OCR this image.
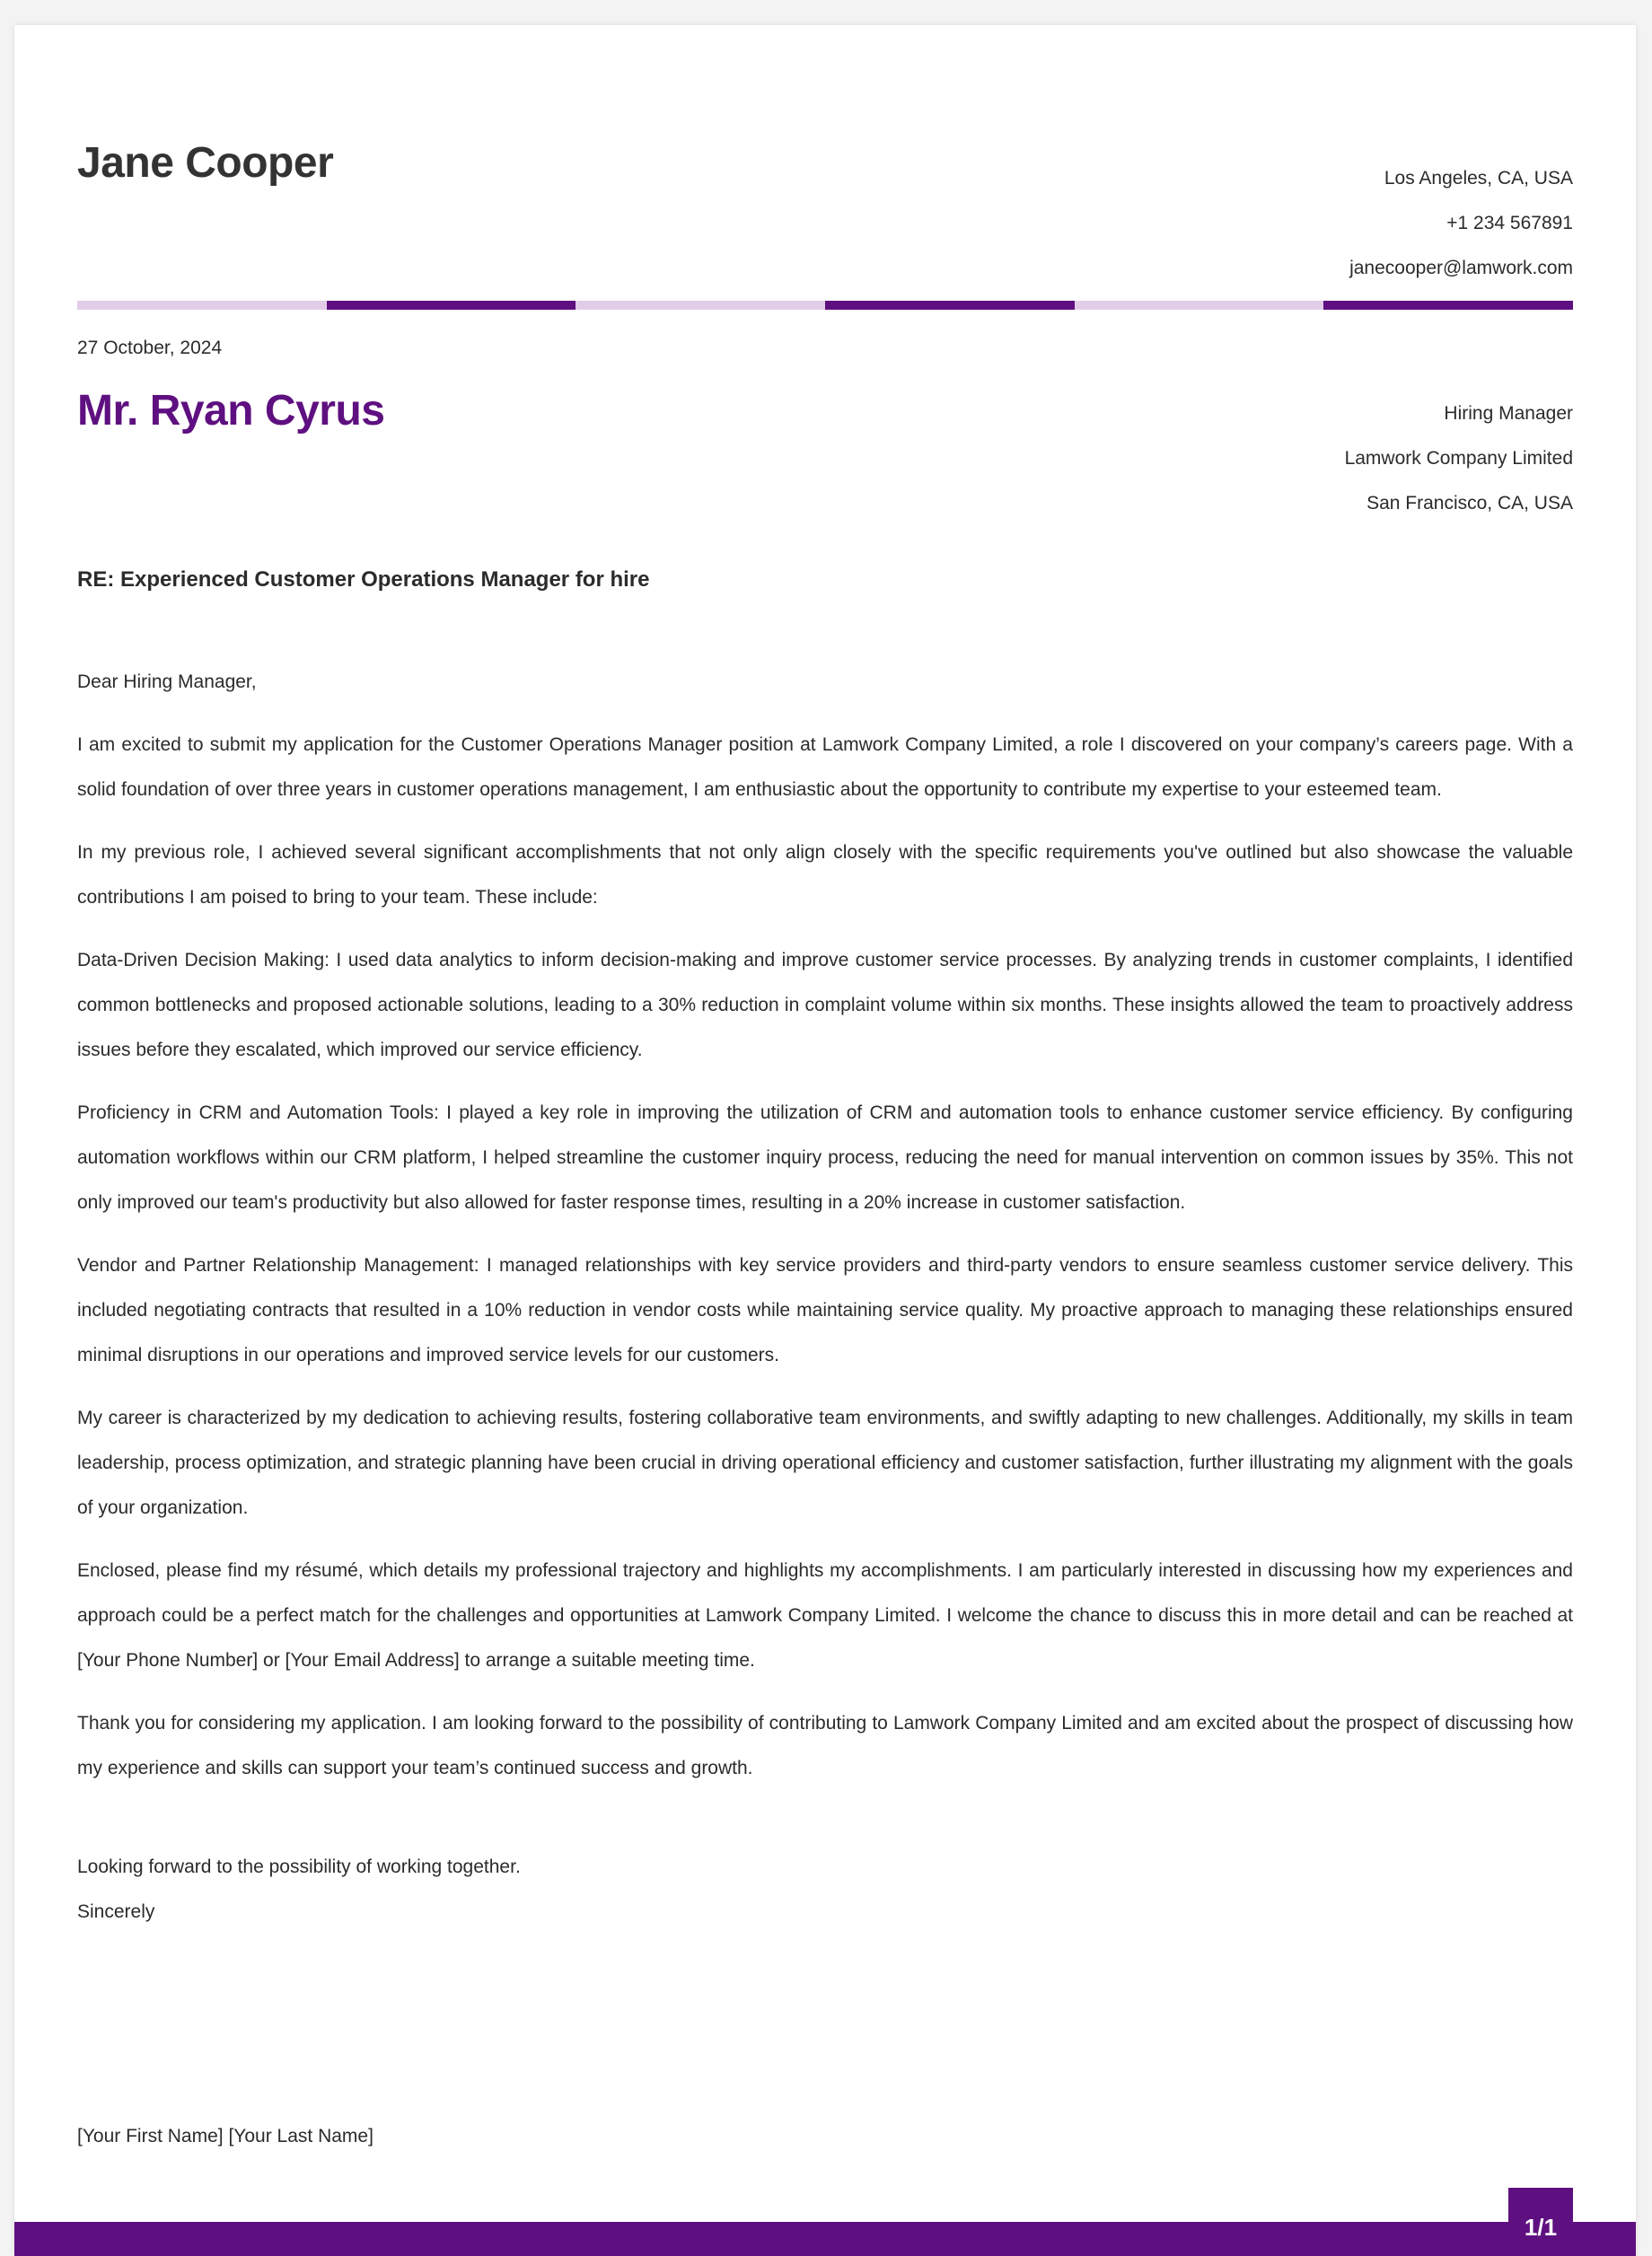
Jane Cooper	Los Angeles, CA, USA
+1 234 567891
janecooper@lamwork.com
27 October, 2024
Mr. Ryan Cyrus	Hiring Manager
Lamwork Company Limited
San Francisco, CA, USA
RE: Experienced Customer Operations Manager for hire

Dear Hiring Manager,

I am excited to submit my application for the Customer Operations Manager position at Lamwork Company Limited, a role I discovered on your company’s careers page. With a solid foundation of over three years in customer operations management, I am enthusiastic about the opportunity to contribute my expertise to your esteemed team.

In my previous role, I achieved several significant accomplishments that not only align closely with the specific requirements you've outlined but also showcase the valuable contributions I am poised to bring to your team. These include:

Data-Driven Decision Making: I used data analytics to inform decision-making and improve customer service processes. By analyzing trends in customer complaints, I identified common bottlenecks and proposed actionable solutions, leading to a 30% reduction in complaint volume within six months. These insights allowed the team to proactively address issues before they escalated, which improved our service efficiency.

Proficiency in CRM and Automation Tools: I played a key role in improving the utilization of CRM and automation tools to enhance customer service efficiency. By configuring automation workflows within our CRM platform, I helped streamline the customer inquiry process, reducing the need for manual intervention on common issues by 35%. This not only improved our team's productivity but also allowed for faster response times, resulting in a 20% increase in customer satisfaction.

Vendor and Partner Relationship Management: I managed relationships with key service providers and third-party vendors to ensure seamless customer service delivery. This included negotiating contracts that resulted in a 10% reduction in vendor costs while maintaining service quality. My proactive approach to managing these relationships ensured minimal disruptions in our operations and improved service levels for our customers.

My career is characterized by my dedication to achieving results, fostering collaborative team environments, and swiftly adapting to new challenges. Additionally, my skills in team leadership, process optimization, and strategic planning have been crucial in driving operational efficiency and customer satisfaction, further illustrating my alignment with the goals of your organization.

Enclosed, please find my résumé, which details my professional trajectory and highlights my accomplishments. I am particularly interested in discussing how my experiences and approach could be a perfect match for the challenges and opportunities at Lamwork Company Limited. I welcome the chance to discuss this in more detail and can be reached at [Your Phone Number] or [Your Email Address] to arrange a suitable meeting time.

Thank you for considering my application. I am looking forward to the possibility of contributing to Lamwork Company Limited and am excited about the prospect of discussing how my experience and skills can support your team’s continued success and growth.

Looking forward to the possibility of working together.
Sincerely
[Your First Name] [Your Last Name]
1/1
